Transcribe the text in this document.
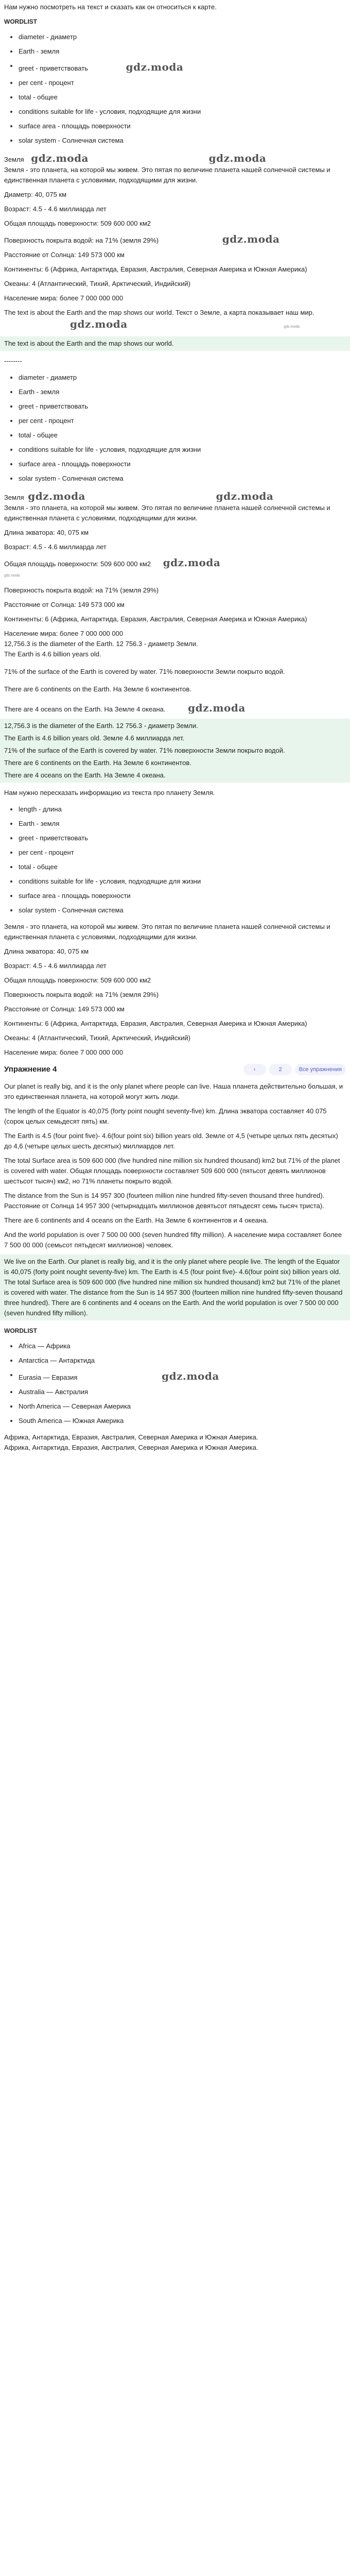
Нам нужно посмотреть на текст и сказать как он относиться к карте.
WORDLIST
diameter - диаметр
Earth - земля
greet - приветствовать	gdz.moda
per cent - процент
total - общее
conditions suitable for life - условия, подходящие для жизни
surface area - площадь поверхности
solar system - Солнечная система
Земля gdz.moda	gdz.moda
Земля - это планета, на которой мы живем. Это пятая по величине планета нашей солнечной системы и единственная планета с условиями, подходящими для жизни.
Диаметр: 40, 075 км
Возраст: 4.5 - 4.6 миллиарда лет
Общая площадь поверхности: 509 600 000 км2
Поверхность покрыта водой: на 71% (земля 29%)	gdz.moda
Расстояние от Солнца: 149 573 000 км
Континенты: 6 (Африка, Антарктида, Евразия, Австралия, Северная Америка и Южная Америка)
Океаны: 4 (Атлантический, Тихий, Арктический, Индийский)
Население мира: более 7 000 000 000
The text is about the Earth and the map shows our world. Текст о Земле, а карта показывает наш мир.
gdz.moda	gdz.moda
The text is about the Earth and the map shows our world.
--------
diameter - диаметр
Earth - земля
greet - приветствовать
per cent - процент
total - общее
conditions suitable for life - условия, подходящие для жизни
surface area - площадь поверхности
solar system - Солнечная система
Земля gdz.moda	gdz.moda
Земля - это планета, на которой мы живем. Это пятая по величине планета нашей солнечной системы и единственная планета с условиями, подходящими для жизни.
Длина экватора: 40, 075 км
Возраст: 4.5 - 4.6 миллиарда лет
Общая площадь поверхности: 509 600 000 км2 gdz.moda
gdz.moda
Поверхность покрыта водой: на 71% (земля 29%)
Расстояние от Солнца: 149 573 000 км
Континенты: 6 (Африка, Антарктида, Евразия, Австралия, Северная Америка и Южная Америка)
Население мира: более 7 000 000 000
12,756.3 is the diameter of the Earth. 12 756.3 - диаметр Земли.
The Earth is 4.6 billion years old.
71% of the surface of the Earth is covered by water. 71% поверхности Земли покрыто водой.
There are 6 continents on the Earth. На Земле 6 континентов.
There are 4 oceans on the Earth. На Земле 4 океана. gdz.moda
12,756.3 is the diameter of the Earth. 12 756.3 - диаметр Земли.
The Earth is 4.6 billion years old. Земле 4.6 миллиарда лет.
71% of the surface of the Earth is covered by water. 71% поверхности Земли покрыто водой.
There are 6 continents on the Earth. На Земле 6 континентов.
There are 4 oceans on the Earth. На Земле 4 океана.
Нам нужно пересказать информацию из текста про планету Земля.
length - длина
Earth - земля
greet - приветствовать
per cent - процент
total - общее
conditions suitable for life - условия, подходящие для жизни
surface area - площадь поверхности
solar system - Солнечная система
Земля - это планета, на которой мы живем. Это пятая по величине планета нашей солнечной системы и единственная планета с условиями, подходящими для жизни.
Длина экватора: 40, 075 км
Возраст: 4.5 - 4.6 миллиарда лет
Общая площадь поверхности: 509 600 000 км2
Поверхность покрыта водой: на 71% (земля 29%)
Расстояние от Солнца: 149 573 000 км
Континенты: 6 (Африка, Антарктида, Евразия, Австралия, Северная Америка и Южная Америка)
Океаны: 4 (Атлантический, Тихий, Арктический, Индийский)
Население мира: более 7 000 000 000
Упражнение 4	‹	2	Все упражнения
Our planet is really big, and it is the only planet where people can live. Наша планета действительно большая, и это единственная планета, на которой могут жить люди.
The length of the Equator is 40,075 (forty point nought seventy-five) km. Длина экватора составляет 40 075 (сорок целых семьдесят пять) км.
The Earth is 4.5 (four point five)- 4.6(four point six) billion years old. Земле от 4,5 (четыре целых пять десятых) до 4,6 (четыре целых шесть десятых) миллиардов лет.
The total Surface area is 509 600 000 (five hundred nine million six hundred thousand) km2 but 71% of the planet is covered with water. Общая площадь поверхности составляет 509 600 000 (пятьсот девять миллионов шестьсот тысяч) км2, но 71% планеты покрыто водой.
The distance from the Sun is 14 957 300 (fourteen million nine hundred fifty-seven thousand three hundred). Расстояние от Солнца 14 957 300 (четырнадцать миллионов девятьсот пятьдесят семь тысяч триста).
There are 6 continents and 4 oceans on the Earth. На Земле 6 континентов и 4 океана.
And the world population is over 7 500 00 000 (seven hundred fifty million). А население мира составляет более 7 500 00 000 (семьсот пятьдесят миллионов) человек.
We live on the Earth. Our planet is really big, and it is the only planet where people live. The length of the Equator is 40,075 (forty point nought seventy-five) km. The Earth is 4.5 (four point five)- 4.6(four point six) billion years old. The total Surface area is 509 600 000 (five hundred nine million six hundred thousand) km2 but 71% of the planet is covered with water. The distance from the Sun is 14 957 300 (fourteen million nine hundred fifty-seven thousand three hundred). There are 6 continents and 4 oceans on the Earth. And the world population is over 7 500 00 000 (seven hundred fifty million).
WORDLIST
Africa — Африка
Antarctica — Антарктида
Eurasia — Евразия	gdz.moda
Australia — Австралия
North America — Северная Америка
South America — Южная Америка
Африка, Антарктида, Евразия, Австралия, Северная Америка и Южная Америка.
Африка, Антарктида, Евразия, Австралия, Северная Америка и Южная Америка.
